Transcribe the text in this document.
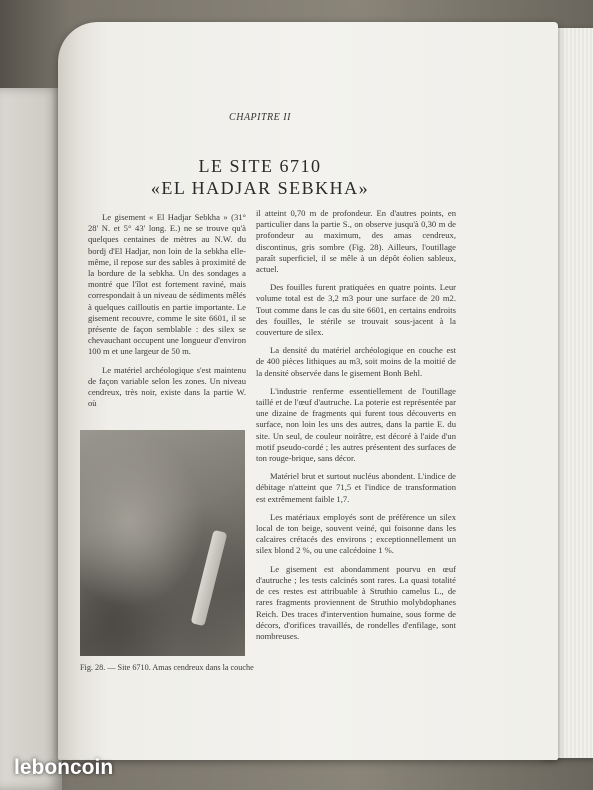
CHAPITRE II
LE SITE 6710
«EL HADJAR SEBKHA»

Le gisement « El Hadjar Sebkha » (31° 28' N. et 5° 43' long. E.) ne se trouve qu'à quelques centaines de mètres au N.W. du bordj d'El Hadjar, non loin de la sebkha elle-même, il repose sur des sables à proximité de la bordure de la sebkha. Un des sondages a montré que l'îlot est fortement raviné, mais correspondait à un niveau de sédiments mêlés à quelques cailloutis en partie importante. Le gisement recouvre, comme le site 6601, il se présente de façon semblable : des silex se chevauchant occupent une longueur d'environ 100 m et une largeur de 50 m.

Le matériel archéologique s'est maintenu de façon variable selon les zones. Un niveau cendreux, très noir, existe dans la partie W. où

il atteint 0,70 m de profondeur. En d'autres points, en particulier dans la partie S., on observe jusqu'à 0,30 m de profondeur au maximum, des amas cendreux, discontinus, gris sombre (Fig. 28). Ailleurs, l'outillage paraît superficiel, il se mêle à un dépôt éolien sableux, actuel.

Des fouilles furent pratiquées en quatre points. Leur volume total est de 3,2 m3 pour une surface de 20 m2. Tout comme dans le cas du site 6601, en certains endroits des fouilles, le stérile se trouvait sous-jacent à la couverture de silex.

La densité du matériel archéologique en couche est de 400 pièces lithiques au m3, soit moins de la moitié de la densité observée dans le gisement Bonh Behl.

L'industrie renferme essentiellement de l'outillage taillé et de l'œuf d'autruche. La poterie est représentée par une dizaine de fragments qui furent tous découverts en surface, non loin les uns des autres, dans la partie E. du site. Un seul, de couleur noirâtre, est décoré à l'aide d'un motif pseudo-cordé ; les autres présentent des surfaces de ton rouge-brique, sans décor.

Matériel brut et surtout nucléus abondent. L'indice de débitage n'atteint que 71,5 et l'indice de transformation est extrêmement faible 1,7.

Les matériaux employés sont de préférence un silex local de ton beige, souvent veiné, qui foisonne dans les calcaires crétacés des environs ; exceptionnellement un silex blond 2 %, ou une calcédoine 1 %.

Le gisement est abondamment pourvu en œuf d'autruche ; les tests calcinés sont rares. La quasi totalité de ces restes est attribuable à Struthio camelus L., de rares fragments proviennent de Struthio molybdophanes Reich. Des traces d'intervention humaine, sous forme de décors, d'orifices travaillés, de rondelles d'enfilage, sont nombreuses.

Fig. 28. — Site 6710. Amas cendreux dans la couche
leboncoin
